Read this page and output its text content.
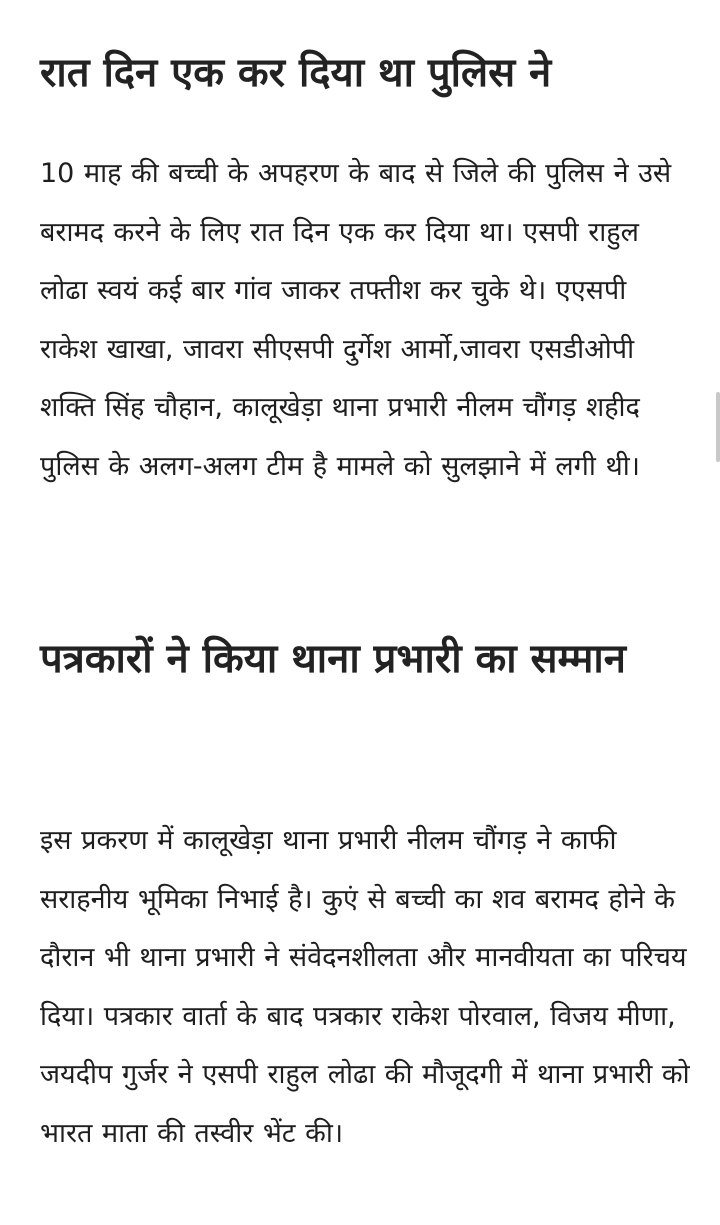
रात दिन एक कर दिया था पुलिस ने

10 माह की बच्ची के अपहरण के बाद से जिले की पुलिस ने उसे बरामद करने के लिए रात दिन एक कर दिया था। एसपी राहुल लोढा स्वयं कई बार गांव जाकर तफ्तीश कर चुके थे। एएसपी राकेश खाखा, जावरा सीएसपी दुर्गेश आर्मो,जावरा एसडीओपी शक्ति सिंह चौहान, कालूखेड़ा थाना प्रभारी नीलम चौंगड़ शहीद पुलिस के अलग-अलग टीम है मामले को सुलझाने में लगी थी।

पत्रकारों ने किया थाना प्रभारी का सम्मान

इस प्रकरण में कालूखेड़ा थाना प्रभारी नीलम चौंगड़ ने काफी सराहनीय भूमिका निभाई है। कुएं से बच्ची का शव बरामद होने के दौरान भी थाना प्रभारी ने संवेदनशीलता और मानवीयता का परिचय दिया। पत्रकार वार्ता के बाद पत्रकार राकेश पोरवाल, विजय मीणा, जयदीप गुर्जर ने एसपी राहुल लोढा की मौजूदगी में थाना प्रभारी को भारत माता की तस्वीर भेंट की।
